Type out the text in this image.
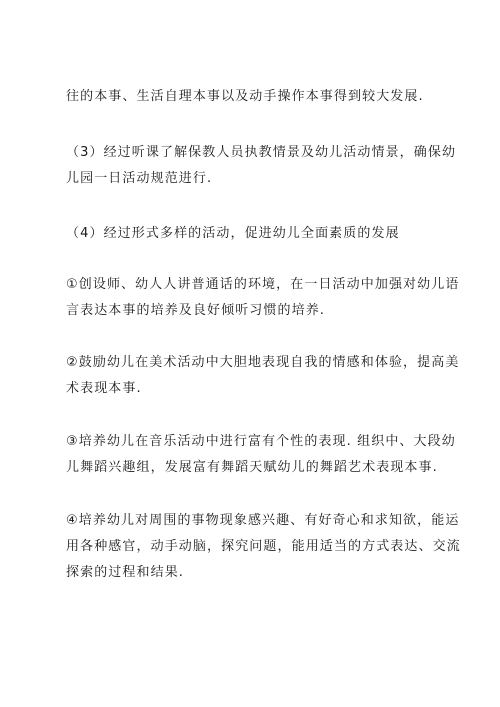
往的本事、生活自理本事以及动手操作本事得到较大发展.

（3）经过听课了解保教人员执教情景及幼儿活动情景，确保幼
儿园一日活动规范进行.

（4）经过形式多样的活动，促进幼儿全面素质的发展

①创设师、幼人人讲普通话的环境，在一日活动中加强对幼儿语
言表达本事的培养及良好倾听习惯的培养.

②鼓励幼儿在美术活动中大胆地表现自我的情感和体验，提高美
术表现本事.

③培养幼儿在音乐活动中进行富有个性的表现. 组织中、大段幼
儿舞蹈兴趣组，发展富有舞蹈天赋幼儿的舞蹈艺术表现本事.

④培养幼儿对周围的事物现象感兴趣、有好奇心和求知欲，能运
用各种感官，动手动脑，探究问题，能用适当的方式表达、交流
探索的过程和结果.
